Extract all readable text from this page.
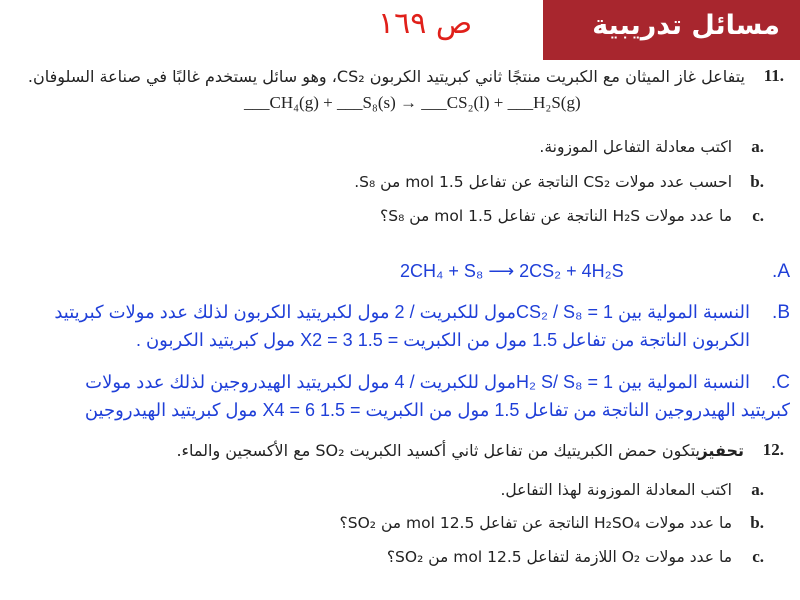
مسائل تدريبية
ص ١٦٩
11.
يتفاعل غاز الميثان مع الكبريت منتجًا ثاني كبريتيد الكربون CS₂، وهو سائل يستخدم غالبًا في صناعة السلوفان.
___CH₄(g) + ___S₈(s) → ___CS₂(l) + ___H₂S(g)
a.
اكتب معادلة التفاعل الموزونة.
b.
احسب عدد مولات CS₂ الناتجة عن تفاعل 1.5 mol من S₈.
c.
ما عدد مولات H₂S الناتجة عن تفاعل 1.5 mol من S₈؟
.A
2CH₄ + S₈ ⟶ 2CS₂ + 4H₂S
.B
النسبة المولية بين CS₂ / S₈ = 1مول للكبريت / 2 مول لكبريتيد الكربون لذلك عدد مولات كبريتيد
الكربون الناتجة من تفاعل 1.5 مول من الكبريت = 1.5 X2 = 3 مول كبريتيد الكربون .
.C
النسبة المولية بين H₂ S/ S₈ = 1مول للكبريت / 4 مول لكبريتيد الهيدروجين لذلك عدد مولات
كبريتيد الهيدروجين الناتجة من تفاعل 1.5 مول من الكبريت = 1.5 X4 = 6 مول كبريتيد الهيدروجين
12.
تحفيز
يتكون حمض الكبريتيك من تفاعل ثاني أكسيد الكبريت SO₂ مع الأكسجين والماء.
a.
اكتب المعادلة الموزونة لهذا التفاعل.
b.
ما عدد مولات H₂SO₄ الناتجة عن تفاعل 12.5 mol من SO₂؟
c.
ما عدد مولات O₂ اللازمة لتفاعل 12.5 mol من SO₂؟
